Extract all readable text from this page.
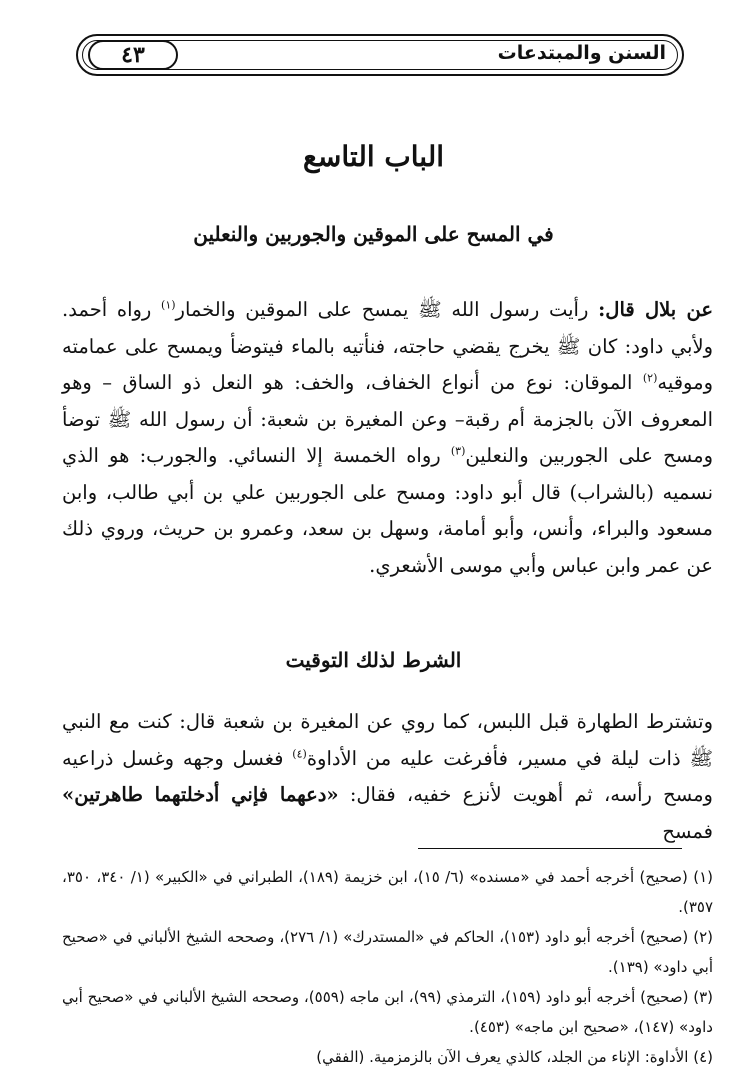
السنن والمبتدعات
٤٣
الباب التاسع
في المسح على الموقين والجوربين والنعلين
عن بلال قال: رأيت رسول الله ﷺ يمسح على الموقين والخمار$^{(١)}$ رواه أحمد. ولأبي داود: كان ﷺ يخرج يقضي حاجته، فنأتيه بالماء فيتوضأ ويمسح على عمامته وموقيه$^{(٢)}$ الموقان: نوع من أنواع الخفاف، والخف: هو النعل ذو الساق – وهو المعروف الآن بالجزمة أم رقبة– وعن المغيرة بن شعبة: أن رسول الله ﷺ توضأ ومسح على الجوربين والنعلين$^{(٣)}$ رواه الخمسة إلا النسائي. والجورب: هو الذي نسميه (بالشراب) قال أبو داود: ومسح على الجوربين علي بن أبي طالب، وابن مسعود والبراء، وأنس، وأبو أمامة، وسهل بن سعد، وعمرو بن حريث، وروي ذلك عن عمر وابن عباس وأبي موسى الأشعري.
الشرط لذلك التوقيت
وتشترط الطهارة قبل اللبس، كما روي عن المغيرة بن شعبة قال: كنت مع النبي ﷺ ذات ليلة في مسير، فأفرغت عليه من الأداوة$^{(٤)}$ فغسل وجهه وغسل ذراعيه ومسح رأسه، ثم أهويت لأنزع خفيه، فقال: «دعهما فإني أدخلتهما طاهرتين» فمسح

(١) (صحيح) أخرجه أحمد في «مسنده» (٦/ ١٥)، ابن خزيمة (١٨٩)، الطبراني في «الكبير» (١/ ٣٤٠، ٣٥٠، ٣٥٧).

(٢) (صحيح) أخرجه أبو داود (١٥٣)، الحاكم في «المستدرك» (١/ ٢٧٦)، وصححه الشيخ الألباني في «صحيح أبي داود» (١٣٩).

(٣) (صحيح) أخرجه أبو داود (١٥٩)، الترمذي (٩٩)، ابن ماجه (٥٥٩)، وصححه الشيخ الألباني في «صحيح أبي داود» (١٤٧)، «صحيح ابن ماجه» (٤٥٣).

(٤) الأداوة: الإناء من الجلد، كالذي يعرف الآن بالزمزمية. (الفقي)
